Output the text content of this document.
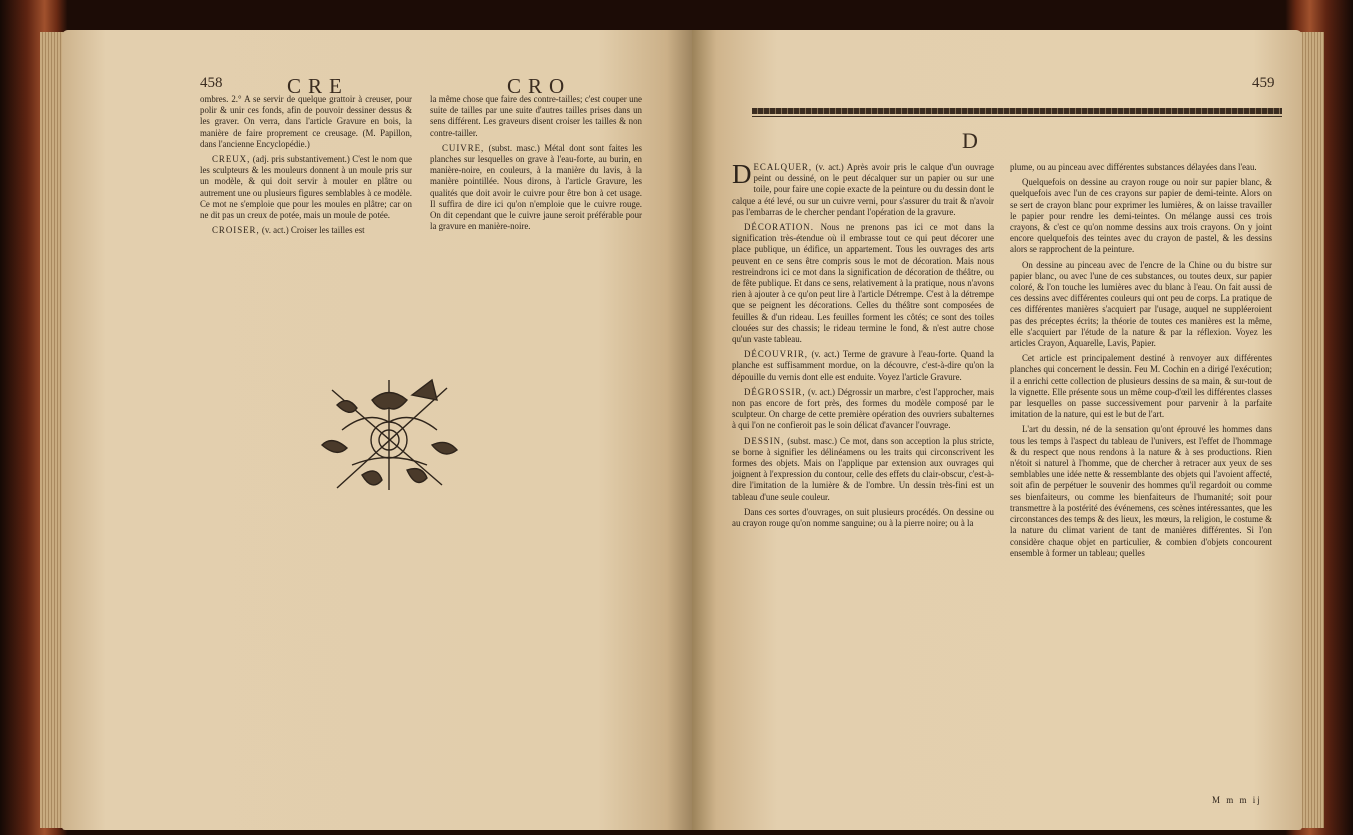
458	CRE	CRO

ombres. 2.° A se servir de quelque grattoir à creuser, pour polir & unir ces fonds, afin de pouvoir dessiner dessus & les graver. On verra, dans l'article Gravure en bois, la manière de faire proprement ce creusage. (M. Papillon, dans l'ancienne Encyclopédie.)

CREUX, (adj. pris substantivement.) C'est le nom que les sculpteurs & les mouleurs donnent à un moule pris sur un modèle, & qui doit servir à mouler en plâtre ou autrement une ou plusieurs figures semblables à ce modèle. Ce mot ne s'emploie que pour les moules en plâtre; car on ne dit pas un creux de potée, mais un moule de potée.

CROISER, (v. act.) Croiser les tailles est

la même chose que faire des contre-tailles; c'est couper une suite de tailles par une suite d'autres tailles prises dans un sens différent. Les graveurs disent croiser les tailles & non contre-tailler.

CUIVRE, (subst. masc.) Métal dont sont faites les planches sur lesquelles on grave à l'eau-forte, au burin, en manière-noire, en couleurs, à la manière du lavis, à la manière pointillée. Nous dirons, à l'article Gravure, les qualités que doit avoir le cuivre pour être bon à cet usage. Il suffira de dire ici qu'on n'emploie que le cuivre rouge. On dit cependant que le cuivre jaune seroit préférable pour la gravure en manière-noire.

459
D

DECALQUER, (v. act.) Après avoir pris le calque d'un ouvrage peint ou dessiné, on le peut décalquer sur un papier ou sur une toile, pour faire une copie exacte de la peinture ou du dessin dont le calque a été levé, ou sur un cuivre verni, pour s'assurer du trait & n'avoir pas l'embarras de le chercher pendant l'opération de la gravure.

DÉCORATION. Nous ne prenons pas ici ce mot dans la signification très-étendue où il embrasse tout ce qui peut décorer une place publique, un édifice, un appartement. Tous les ouvrages des arts peuvent en ce sens être compris sous le mot de décoration. Mais nous restreindrons ici ce mot dans la signification de décoration de théâtre, ou de fête publique. Et dans ce sens, relativement à la pratique, nous n'avons rien à ajouter à ce qu'on peut lire à l'article Détrempe. C'est à la détrempe que se peignent les décorations. Celles du théâtre sont composées de feuilles & d'un rideau. Les feuilles forment les côtés; ce sont des toiles clouées sur des chassis; le rideau termine le fond, & n'est autre chose qu'un vaste tableau.

DÉCOUVRIR, (v. act.) Terme de gravure à l'eau-forte. Quand la planche est suffisamment mordue, on la découvre, c'est-à-dire qu'on la dépouille du vernis dont elle est enduite. Voyez l'article Gravure.

DÉGROSSIR, (v. act.) Dégrossir un marbre, c'est l'approcher, mais non pas encore de fort près, des formes du modèle composé par le sculpteur. On charge de cette première opération des ouvriers subalternes à qui l'on ne confieroit pas le soin délicat d'avancer l'ouvrage.

DESSIN, (subst. masc.) Ce mot, dans son acception la plus stricte, se borne à signifier les délinéamens ou les traits qui circonscrivent les formes des objets. Mais on l'applique par extension aux ouvrages qui joignent à l'expression du contour, celle des effets du clair-obscur, c'est-à-dire l'imitation de la lumière & de l'ombre. Un dessin très-fini est un tableau d'une seule couleur.

Dans ces sortes d'ouvrages, on suit plusieurs procédés. On dessine ou au crayon rouge qu'on nomme sanguine; ou à la pierre noire; ou à la

plume, ou au pinceau avec différentes substances délayées dans l'eau.

Quelquefois on dessine au crayon rouge ou noir sur papier blanc, & quelquefois avec l'un de ces crayons sur papier de demi-teinte. Alors on se sert de crayon blanc pour exprimer les lumières, & on laisse travailler le papier pour rendre les demi-teintes. On mélange aussi ces trois crayons, & c'est ce qu'on nomme dessins aux trois crayons. On y joint encore quelquefois des teintes avec du crayon de pastel, & les dessins alors se rapprochent de la peinture.

On dessine au pinceau avec de l'encre de la Chine ou du bistre sur papier blanc, ou avec l'une de ces substances, ou toutes deux, sur papier coloré, & l'on touche les lumières avec du blanc à l'eau. On fait aussi de ces dessins avec différentes couleurs qui ont peu de corps. La pratique de ces différentes manières s'acquiert par l'usage, auquel ne suppléeroient pas des préceptes écrits; la théorie de toutes ces manières est la même, elle s'acquiert par l'étude de la nature & par la réflexion. Voyez les articles Crayon, Aquarelle, Lavis, Papier.

Cet article est principalement destiné à renvoyer aux différentes planches qui concernent le dessin. Feu M. Cochin en a dirigé l'exécution; il a enrichi cette collection de plusieurs dessins de sa main, & sur-tout de la vignette. Elle présente sous un même coup-d'œil les différentes classes par lesquelles on passe successivement pour parvenir à la parfaite imitation de la nature, qui est le but de l'art.

L'art du dessin, né de la sensation qu'ont éprouvé les hommes dans tous les temps à l'aspect du tableau de l'univers, est l'effet de l'hommage & du respect que nous rendons à la nature & à ses productions. Rien n'étoit si naturel à l'homme, que de chercher à retracer aux yeux de ses semblables une idée nette & ressemblante des objets qui l'avoient affecté, soit afin de perpétuer le souvenir des hommes qu'il regardoit ou comme ses bienfaiteurs, ou comme les bienfaiteurs de l'humanité; soit pour transmettre à la postérité des événemens, ces scènes intéressantes, que les circonstances des temps & des lieux, les mœurs, la religion, le costume & la nature du climat varient de tant de manières différentes. Si l'on considère chaque objet en particulier, & combien d'objets concourent ensemble à former un tableau; quelles

M m m ij
